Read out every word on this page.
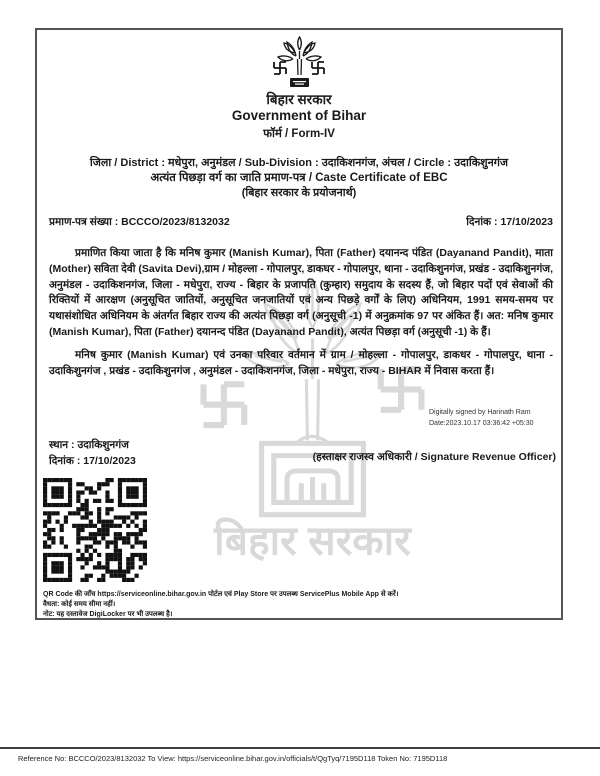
बिहार सरकार
बिहार सरकार
Government of Bihar
फॉर्म / Form-IV
जिला / District : मधेपुरा, अनुमंडल / Sub-Division : उदाकिशनगंज, अंचल / Circle : उदाकिशुनगंज
अत्यंत पिछड़ा वर्ग का जाति प्रमाण-पत्र / Caste Certificate of EBC
(बिहार सरकार के प्रयोजनार्थ)
प्रमाण-पत्र संख्या : BCCCO/2023/8132032	दिनांक : 17/10/2023
प्रमाणित किया जाता है कि मनिष कुमार (Manish Kumar), पिता (Father) दयानन्द पंडित (Dayanand Pandit), माता (Mother) सविता देवी (Savita Devi),ग्राम / मोहल्ला - गोपालपुर, डाकघर - गोपालपुर, थाना - उदाकिशुनगंज, प्रखंड - उदाकिशुनगंज, अनुमंडल - उदाकिशनगंज, जिला - मधेपुरा, राज्य - बिहार के प्रजापति (कुम्हार) समुदाय के सदस्य हैं, जो बिहार पदों एवं सेवाओं की रिक्तियों में आरक्षण (अनुसूचित जातियों, अनुसूचित जनजातियों एवं अन्य पिछड़े वर्गों के लिए) अधिनियम, 1991 समय-समय पर यथासंशोधित अधिनियम के अंतर्गत बिहार राज्य की अत्यंत पिछड़ा वर्ग (अनुसूची -1) में अनुक्रमांक 97 पर अंकित हैं। अत: मनिष कुमार (Manish Kumar), पिता (Father) दयानन्द पंडित (Dayanand Pandit), अत्यंत पिछड़ा वर्ग (अनुसूची -1) के हैं।
मनिष कुमार (Manish Kumar) एवं उनका परिवार वर्तमान में ग्राम / मोहल्ला - गोपालपुर, डाकधर - गोपालपुर, थाना - उदाकिशुनगंज , प्रखंड - उदाकिशुनगंज , अनुमंडल - उदाकिशनगंज, जिला - मधेपुरा, राज्य - BIHAR में निवास करता हैं।
Digitally signed by Harinath Ram
Date:2023.10.17 03:36:42 +05:30
(हस्ताक्षर राजस्व अधिकारी / Signature Revenue Officer)
स्थान : उदाकिशुनगंज
दिनांक : 17/10/2023
QR Code की जाँच https://serviceonline.bihar.gov.in पोर्टल एवं Play Store पर उपलब्ध ServicePlus Mobile App से करें।
वैधता: कोई समय सीमा नहीं।
नोट: यह दस्तावेज DigiLocker पर भी उपलब्ध है।
Reference No: BCCCO/2023/8132032 To View: https://serviceonline.bihar.gov.in/officials/t/QgTyq/7195D118 Token No: 7195D118
